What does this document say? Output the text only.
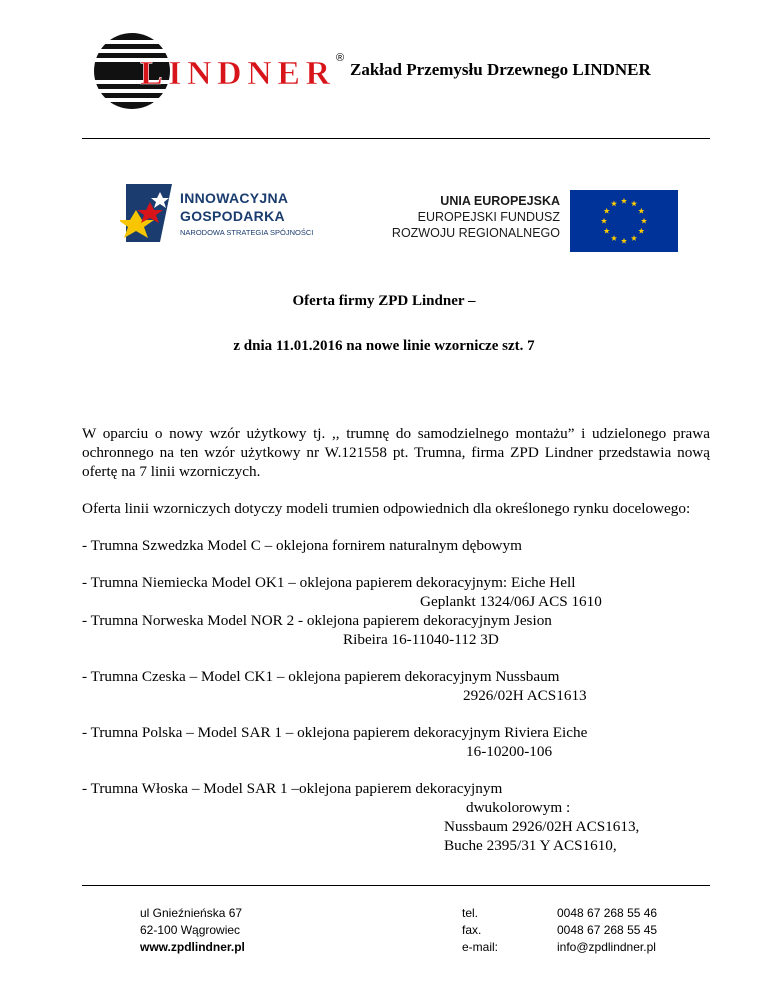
LINDNER ®
Zakład Przemysłu Drzewnego LINDNER
INNOWACYJNA
GOSPODARKA
NARODOWA STRATEGIA SPÓJNOŚCI
UNIA EUROPEJSKA
EUROPEJSKI FUNDUSZ
ROZWOJU REGIONALNEGO
Oferta firmy ZPD Lindner –
z dnia 11.01.2016 na nowe linie wzornicze szt. 7

W oparciu o nowy wzór użytkowy tj. ,, trumnę do samodzielnego montażu” i udzielonego prawa ochronnego na ten wzór użytkowy nr W.121558 pt. Trumna, firma ZPD Lindner przedstawia nową ofertę na 7 linii wzorniczych.

Oferta linii wzorniczych dotyczy modeli trumien odpowiednich dla określonego rynku docelowego:

- Trumna Szwedzka Model C – oklejona fornirem naturalnym dębowym

- Trumna Niemiecka Model OK1 – oklejona papierem dekoracyjnym: Eiche Hell
Geplankt 1324/06J ACS 1610

- Trumna Norweska Model NOR 2 - oklejona papierem dekoracyjnym Jesion
Ribeira 16-11040-112 3D

- Trumna Czeska – Model CK1 – oklejona papierem dekoracyjnym Nussbaum
2926/02H ACS1613

- Trumna Polska – Model SAR 1 – oklejona papierem dekoracyjnym Riviera Eiche
16-10200-106

- Trumna Włoska – Model SAR 1 –oklejona papierem dekoracyjnym
dwukolorowym :
Nussbaum 2926/02H ACS1613,
Buche 2395/31 Y ACS1610,

ul Gnieźnieńska 67
62-100 Wągrowiec
www.zpdlindner.pl
tel.
fax.
e-mail:
0048 67 268 55 46
0048 67 268 55 45
info@zpdlindner.pl
